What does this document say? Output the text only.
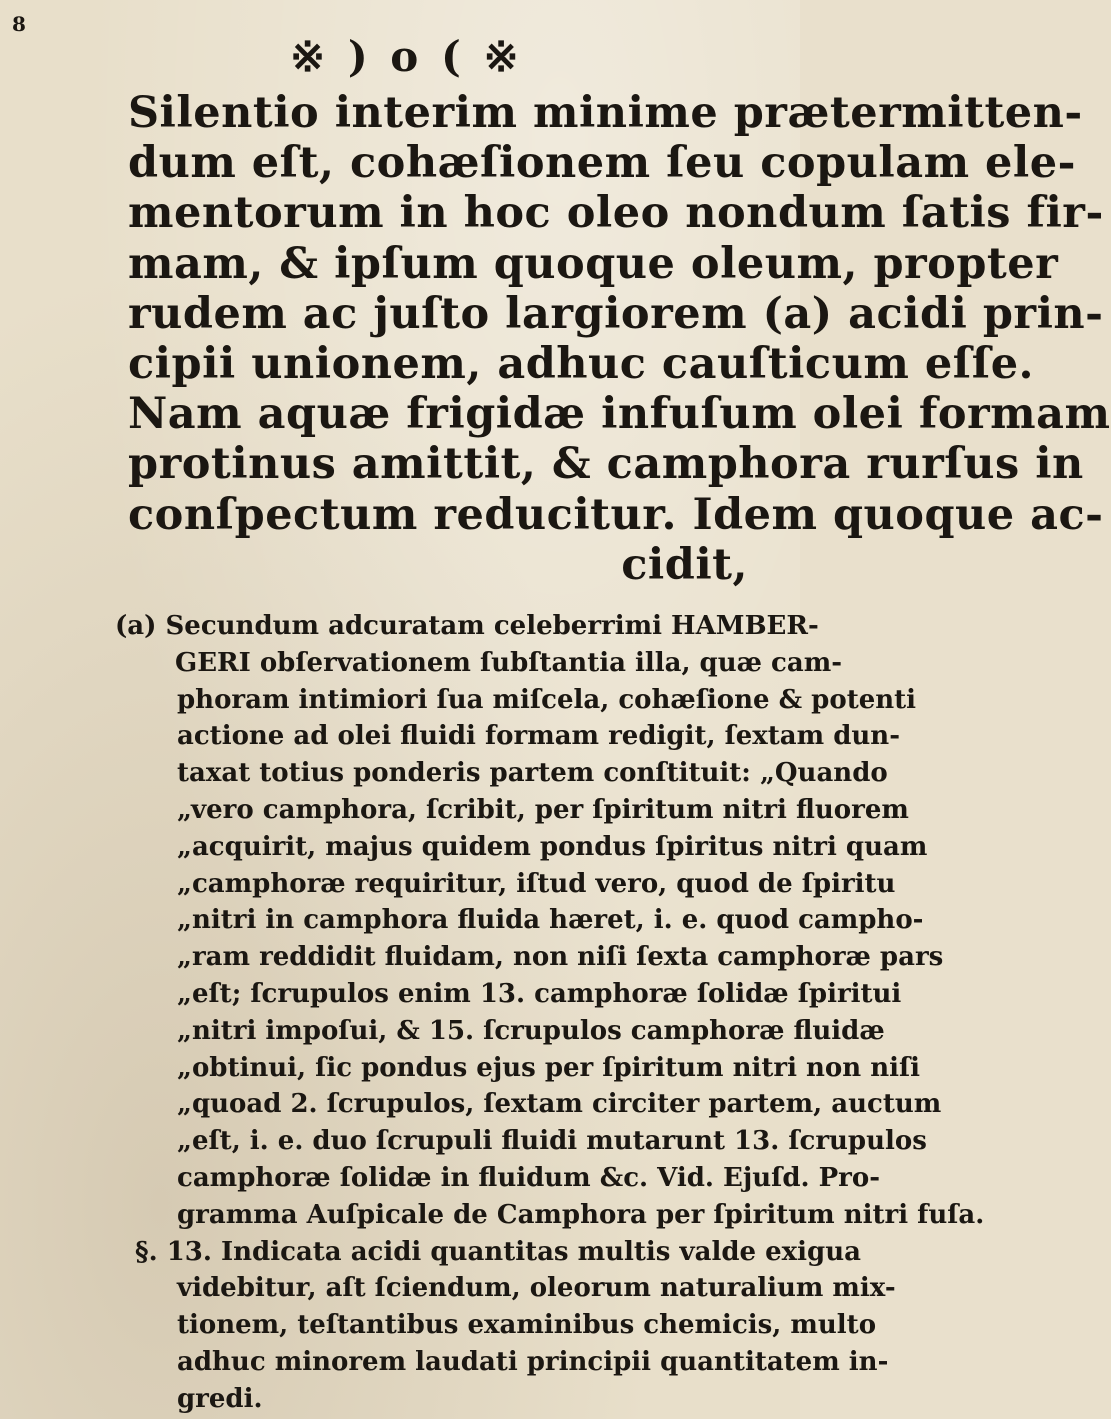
8
※ ) o ( ※
Silentio interim minime prætermitten-
dum eſt, cohæſionem ſeu copulam ele-
mentorum in hoc oleo nondum ſatis fir-
mam, & ipſum quoque oleum, propter
rudem ac juſto largiorem (a) acidi prin-
cipii unionem, adhuc cauſticum eſſe.
Nam aquæ frigidæ infuſum olei formam
protinus amittit, & camphora rurſus in
conſpectum reducitur. Idem quoque ac-
cidit,
(a) Secundum adcuratam celeberrimi HAMBER-
GERI obſervationem ſubſtantia illa, quæ cam-
phoram intimiori ſua miſcela, cohæſione & potenti
actione ad olei fluidi formam redigit, ſextam dun-
taxat totius ponderis partem conſtituit: „Quando
„vero camphora, ſcribit, per ſpiritum nitri fluorem
„acquirit, majus quidem pondus ſpiritus nitri quam
„camphoræ requiritur, iſtud vero, quod de ſpiritu
„nitri in camphora fluida hæret, i. e. quod campho-
„ram reddidit fluidam, non niſi ſexta camphoræ pars
„eſt; ſcrupulos enim 13. camphoræ ſolidæ ſpiritui
„nitri impoſui, & 15. ſcrupulos camphoræ fluidæ
„obtinui, ſic pondus ejus per ſpiritum nitri non niſi
„quoad 2. ſcrupulos, ſextam circiter partem, auctum
„eſt, i. e. duo ſcrupuli fluidi mutarunt 13. ſcrupulos
camphoræ ſolidæ in fluidum &c. Vid. Ejuſd. Pro-
gramma Auſpicale de Camphora per ſpiritum nitri fuſa.
§. 13. Indicata acidi quantitas multis valde exigua
videbitur, aſt ſciendum, oleorum naturalium mix-
tionem, teſtantibus examinibus chemicis, multo
adhuc minorem laudati principii quantitatem in-
gredi.
